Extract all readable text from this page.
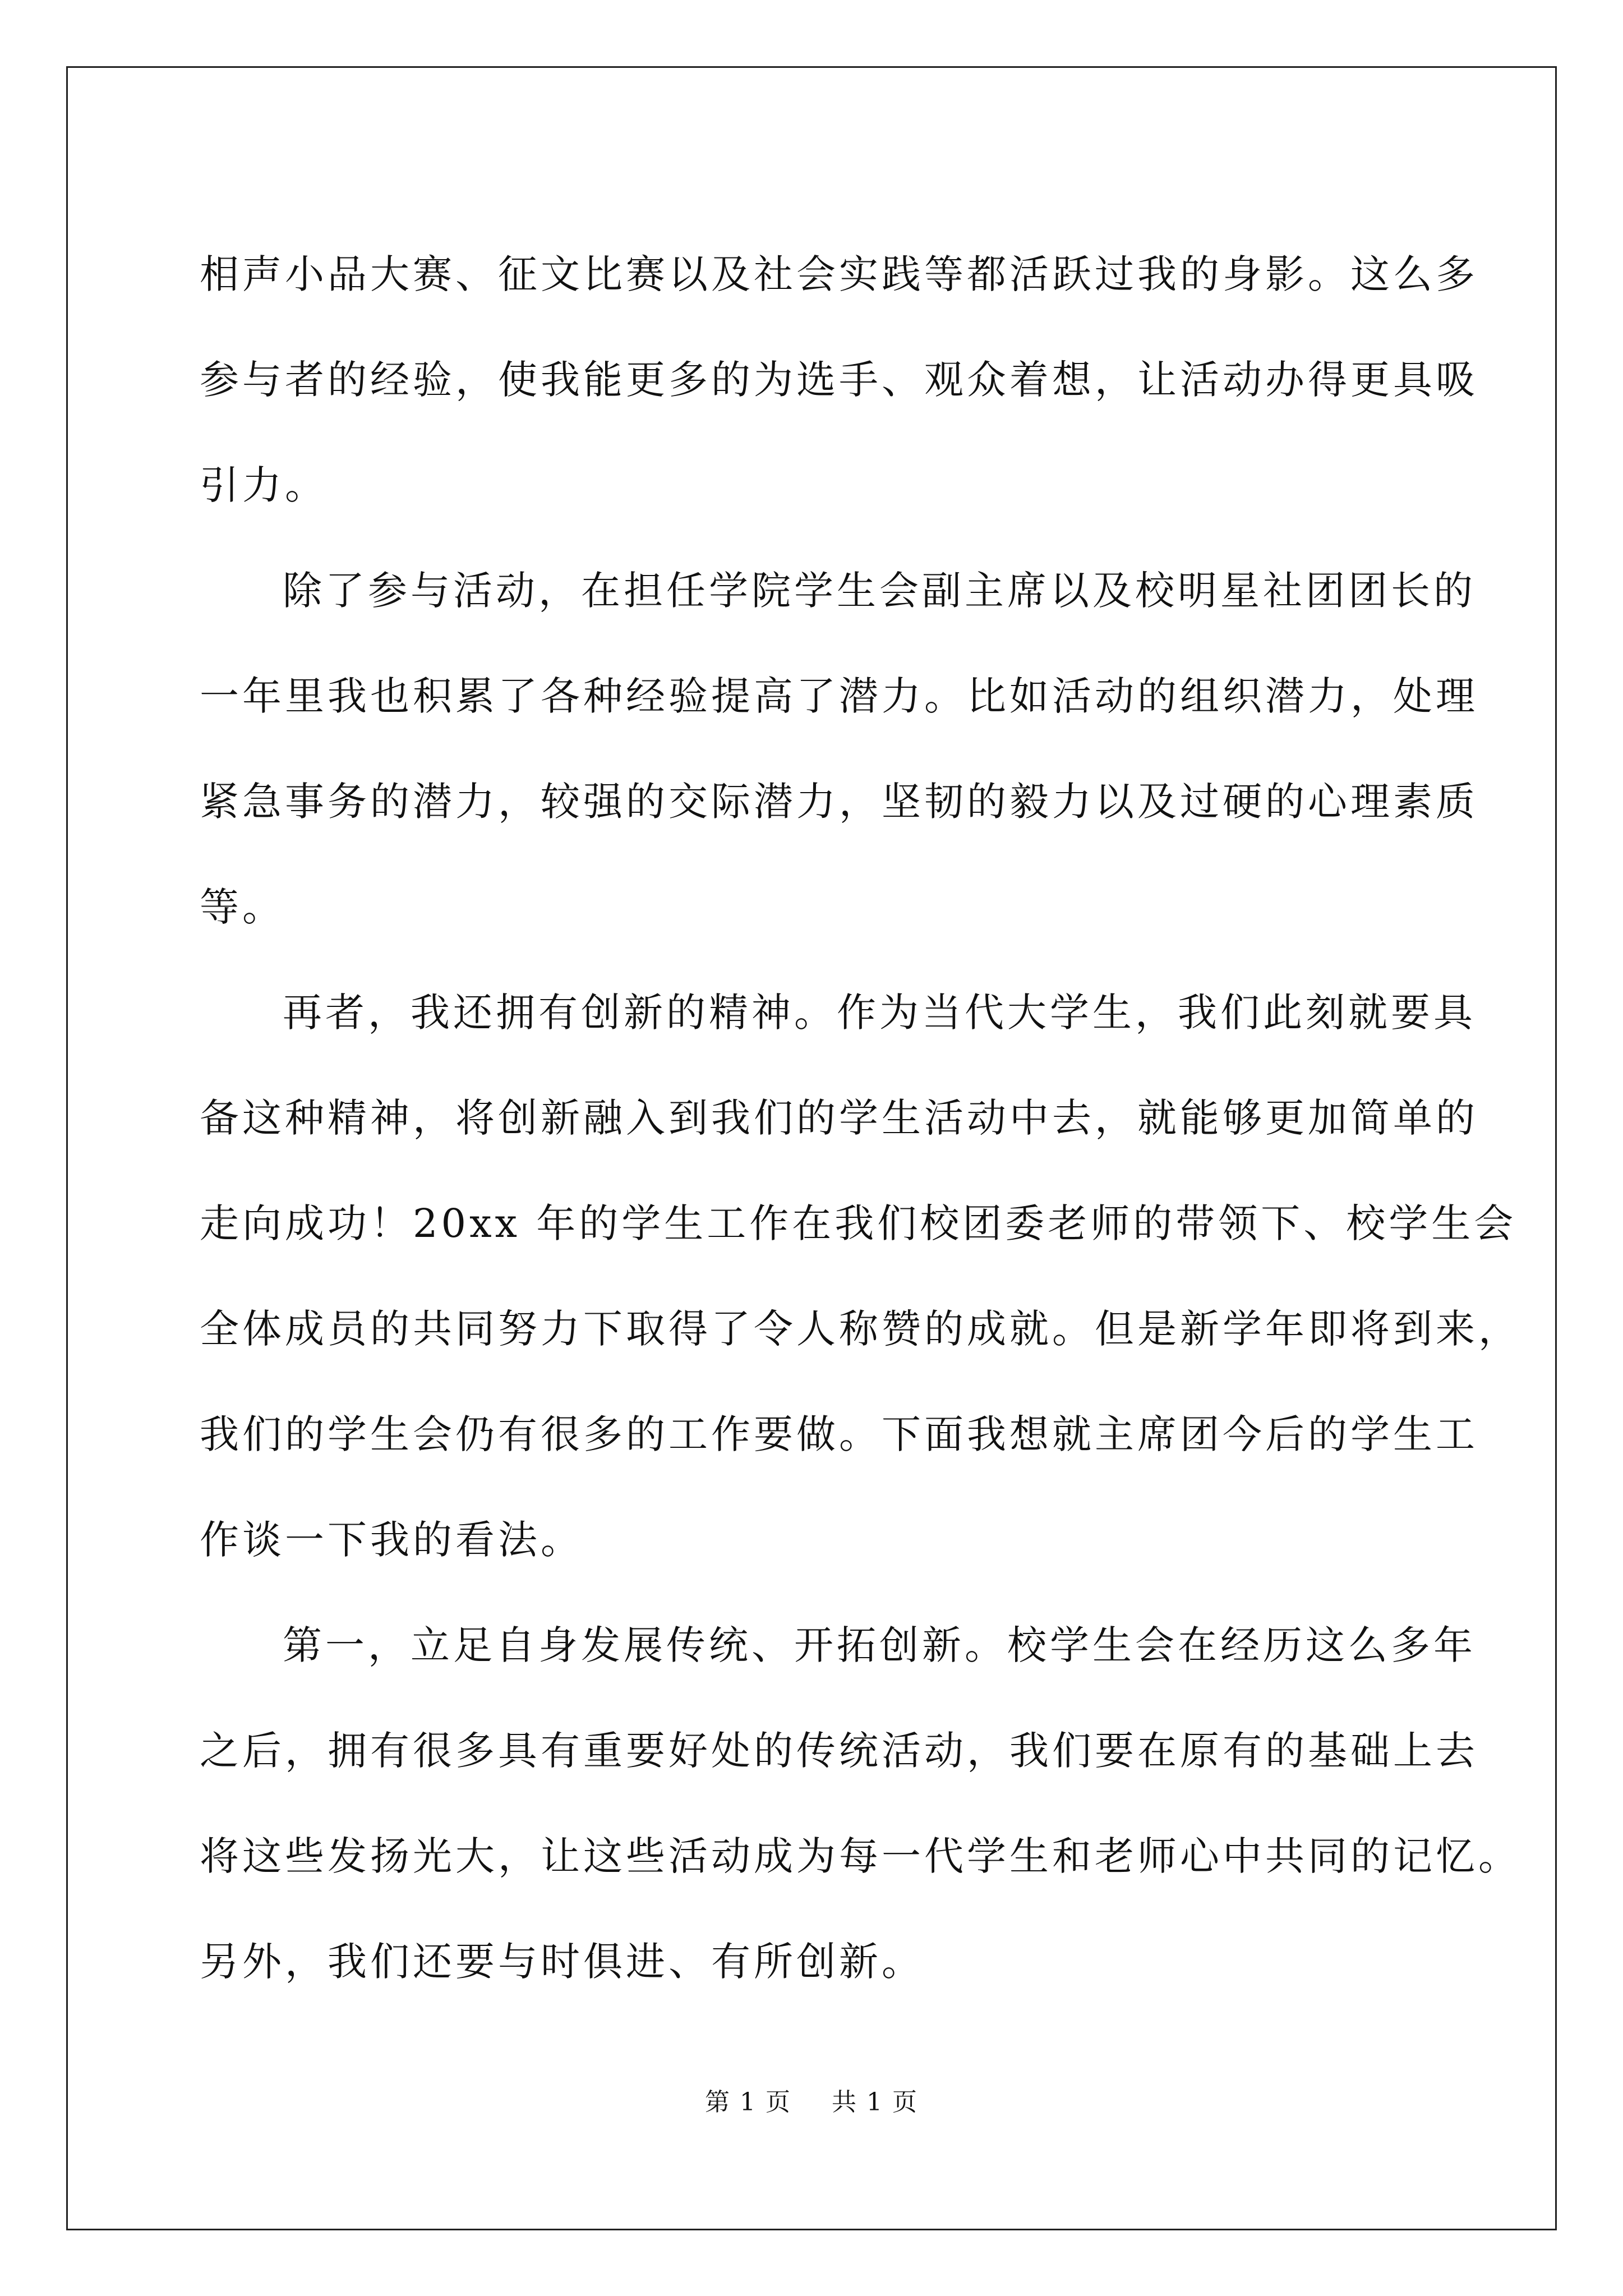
相声小品大赛、征文比赛以及社会实践等都活跃过我的身影。这么多
参与者的经验，使我能更多的为选手、观众着想，让活动办得更具吸
引力。
除了参与活动，在担任学院学生会副主席以及校明星社团团长的
一年里我也积累了各种经验提高了潜力。比如活动的组织潜力，处理
紧急事务的潜力，较强的交际潜力，坚韧的毅力以及过硬的心理素质
等。
再者，我还拥有创新的精神。作为当代大学生，我们此刻就要具
备这种精神，将创新融入到我们的学生活动中去，就能够更加简单的
走向成功！20xx 年的学生工作在我们校团委老师的带领下、校学生会
全体成员的共同努力下取得了令人称赞的成就。但是新学年即将到来，
我们的学生会仍有很多的工作要做。下面我想就主席团今后的学生工
作谈一下我的看法。
第一，立足自身发展传统、开拓创新。校学生会在经历这么多年
之后，拥有很多具有重要好处的传统活动，我们要在原有的基础上去
将这些发扬光大，让这些活动成为每一代学生和老师心中共同的记忆。
另外，我们还要与时俱进、有所创新。
第 1 页 共 1 页
